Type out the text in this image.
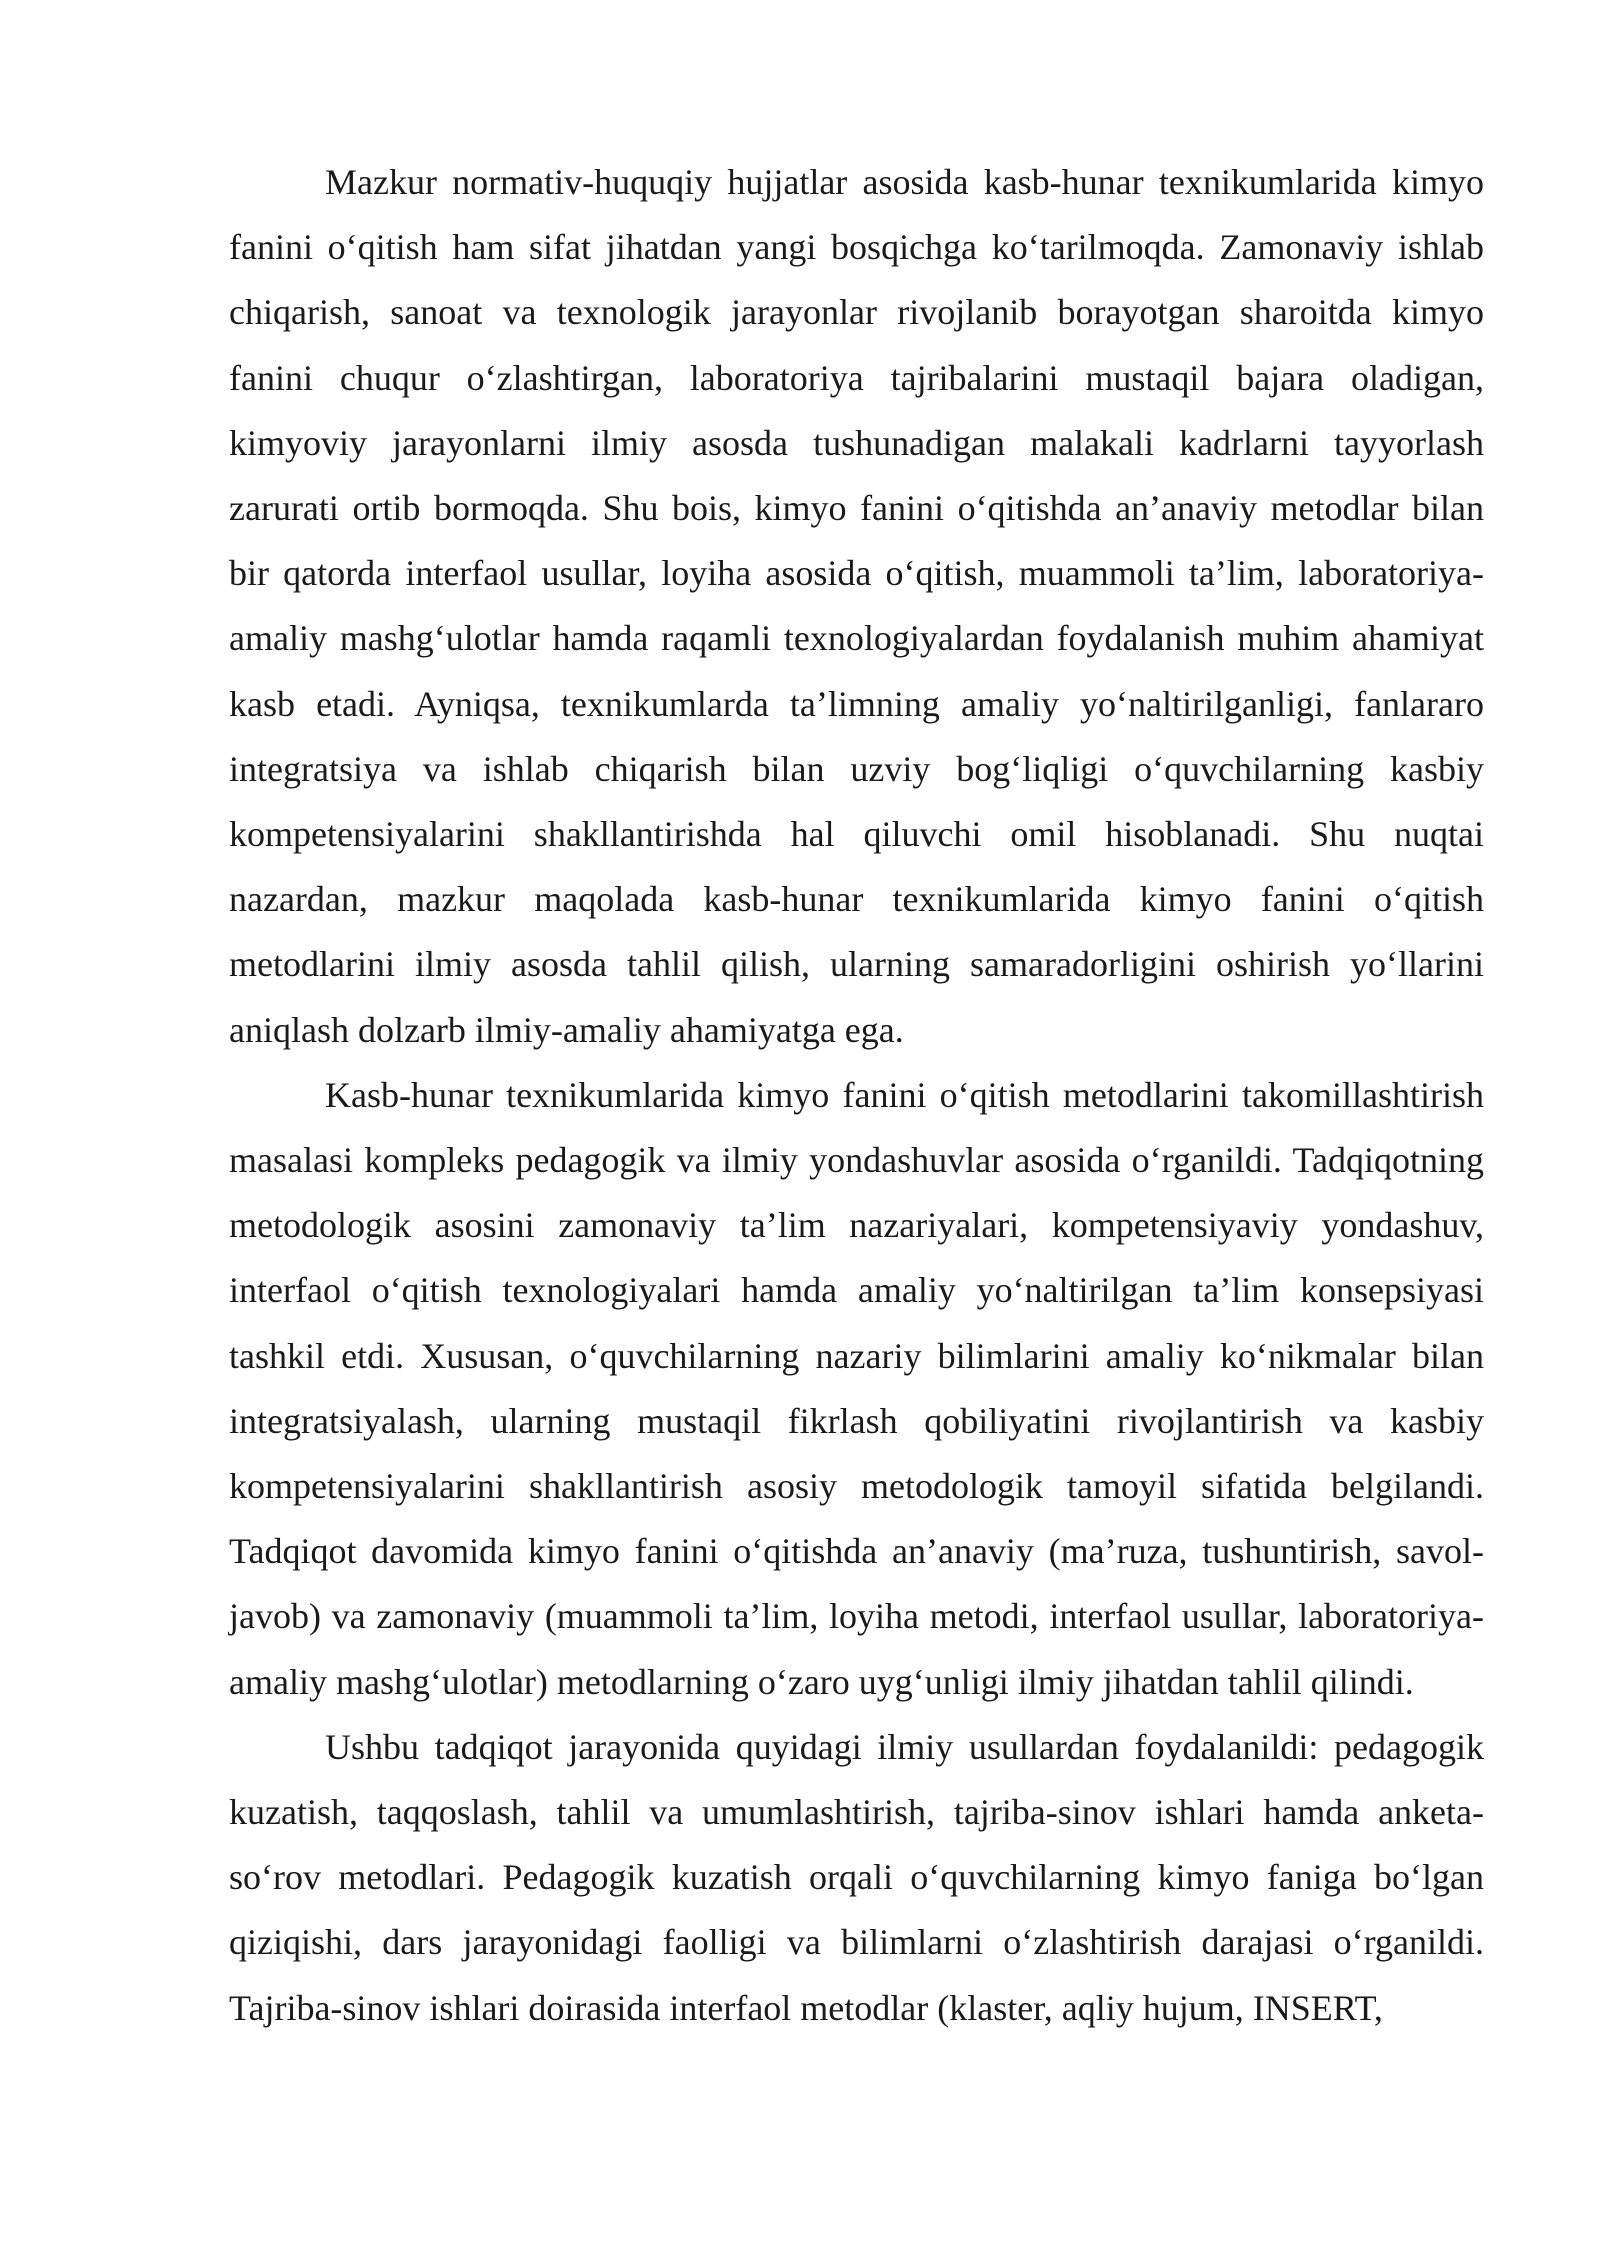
Mazkur normativ-huquqiy hujjatlar asosida kasb-hunar texnikumlarida kimyo fanini o‘qitish ham sifat jihatdan yangi bosqichga ko‘tarilmoqda. Zamonaviy ishlab chiqarish, sanoat va texnologik jarayonlar rivojlanib borayotgan sharoitda kimyo fanini chuqur o‘zlashtirgan, laboratoriya tajribalarini mustaqil bajara oladigan, kimyoviy jarayonlarni ilmiy asosda tushunadigan malakali kadrlarni tayyorlash zarurati ortib bormoqda. Shu bois, kimyo fanini o‘qitishda an’anaviy metodlar bilan bir qatorda interfaol usullar, loyiha asosida o‘qitish, muammoli ta’lim, laboratoriya-amaliy mashg‘ulotlar hamda raqamli texnologiyalardan foydalanish muhim ahamiyat kasb etadi. Ayniqsa, texnikumlarda ta’limning amaliy yo‘naltirilganligi, fanlararo integratsiya va ishlab chiqarish bilan uzviy bog‘liqligi o‘quvchilarning kasbiy kompetensiyalarini shakllantirishda hal qiluvchi omil hisoblanadi. Shu nuqtai nazardan, mazkur maqolada kasb-hunar texnikumlarida kimyo fanini o‘qitish metodlarini ilmiy asosda tahlil qilish, ularning samaradorligini oshirish yo‘llarini aniqlash dolzarb ilmiy-amaliy ahamiyatga ega.

Kasb-hunar texnikumlarida kimyo fanini o‘qitish metodlarini takomillashtirish masalasi kompleks pedagogik va ilmiy yondashuvlar asosida o‘rganildi. Tadqiqotning metodologik asosini zamonaviy ta’lim nazariyalari, kompetensiyaviy yondashuv, interfaol o‘qitish texnologiyalari hamda amaliy yo‘naltirilgan ta’lim konsepsiyasi tashkil etdi. Xususan, o‘quvchilarning nazariy bilimlarini amaliy ko‘nikmalar bilan integratsiyalash, ularning mustaqil fikrlash qobiliyatini rivojlantirish va kasbiy kompetensiyalarini shakllantirish asosiy metodologik tamoyil sifatida belgilandi. Tadqiqot davomida kimyo fanini o‘qitishda an’anaviy (ma’ruza, tushuntirish, savol-javob) va zamonaviy (muammoli ta’lim, loyiha metodi, interfaol usullar, laboratoriya-amaliy mashg‘ulotlar) metodlarning o‘zaro uyg‘unligi ilmiy jihatdan tahlil qilindi.

Ushbu tadqiqot jarayonida quyidagi ilmiy usullardan foydalanildi: pedagogik kuzatish, taqqoslash, tahlil va umumlashtirish, tajriba-sinov ishlari hamda anketa-so‘rov metodlari. Pedagogik kuzatish orqali o‘quvchilarning kimyo faniga bo‘lgan qiziqishi, dars jarayonidagi faolligi va bilimlarni o‘zlashtirish darajasi o‘rganildi. Tajriba-sinov ishlari doirasida interfaol metodlar (klaster, aqliy hujum, INSERT,
